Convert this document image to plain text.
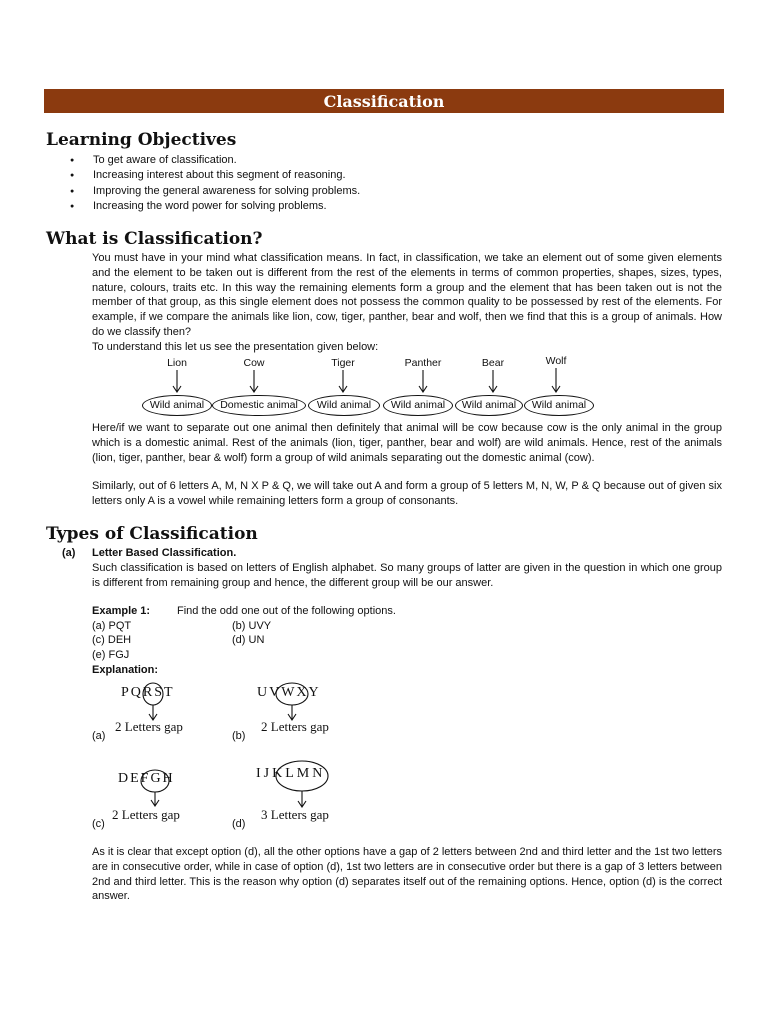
Classification
Learning Objectives
● To get aware of classification.
● Increasing interest about this segment of reasoning.
● Improving the general awareness for solving problems.
● Increasing the word power for solving problems.
What is Classification?

You must have in your mind what classification means. In fact, in classification, we take an element out of some given elements and the element to be taken out is different from the rest of the elements in terms of common properties, shapes, sizes, types, nature, colours, traits etc. In this way the remaining elements form a group and the element that has been taken out is not the member of that group, as this single element does not possess the common quality to be possessed by rest of the elements. For example, if we compare the animals like lion, cow, tiger, panther, bear and wolf, then we find that this is a group of animals. How do we classify then?

To understand this let us see the presentation given below:

Lion	Cow	Tiger	Panther	Bear	Wolf
Wild animal	Domestic animal	Wild animal	Wild animal	Wild animal	Wild animal

Here/if we want to separate out one animal then definitely that animal will be cow because cow is the only animal in the group which is a domestic animal. Rest of the animals (lion, tiger, panther, bear and wolf) are wild animals. Hence, rest of the animals (lion, tiger, panther, bear & wolf) form a group of wild animals separating out the domestic animal (cow).

Similarly, out of 6 letters A, M, N X P & Q, we will take out A and form a group of 5 letters M, N, W, P & Q because out of given six letters only A is a vowel while remaining letters form a group of consonants.

Types of Classification
(a) Letter Based Classification.

Such classification is based on letters of English alphabet. So many groups of latter are given in the question in which one group is different from remaining group and hence, the different group will be our answer.

Example 1: Find the odd one out of the following options.
(a) PQT	(b) UVY
(c) DEH	(d) UN
(e) FGJ
Explanation:
PQRST	UVWXY
DEFGH	IJKLMN
2 Letters gap
(a)
2 Letters gap
(b)
2 Letters gap
(c)
3 Letters gap
(d)

As it is clear that except option (d), all the other options have a gap of 2 letters between 2nd and third letter and the 1st two letters are in consecutive order, while in case of option (d), 1st two letters are in consecutive order but there is a gap of 3 letters between 2nd and third letter. This is the reason why option (d) separates itself out of the remaining options. Hence, option (d) is the correct answer.
